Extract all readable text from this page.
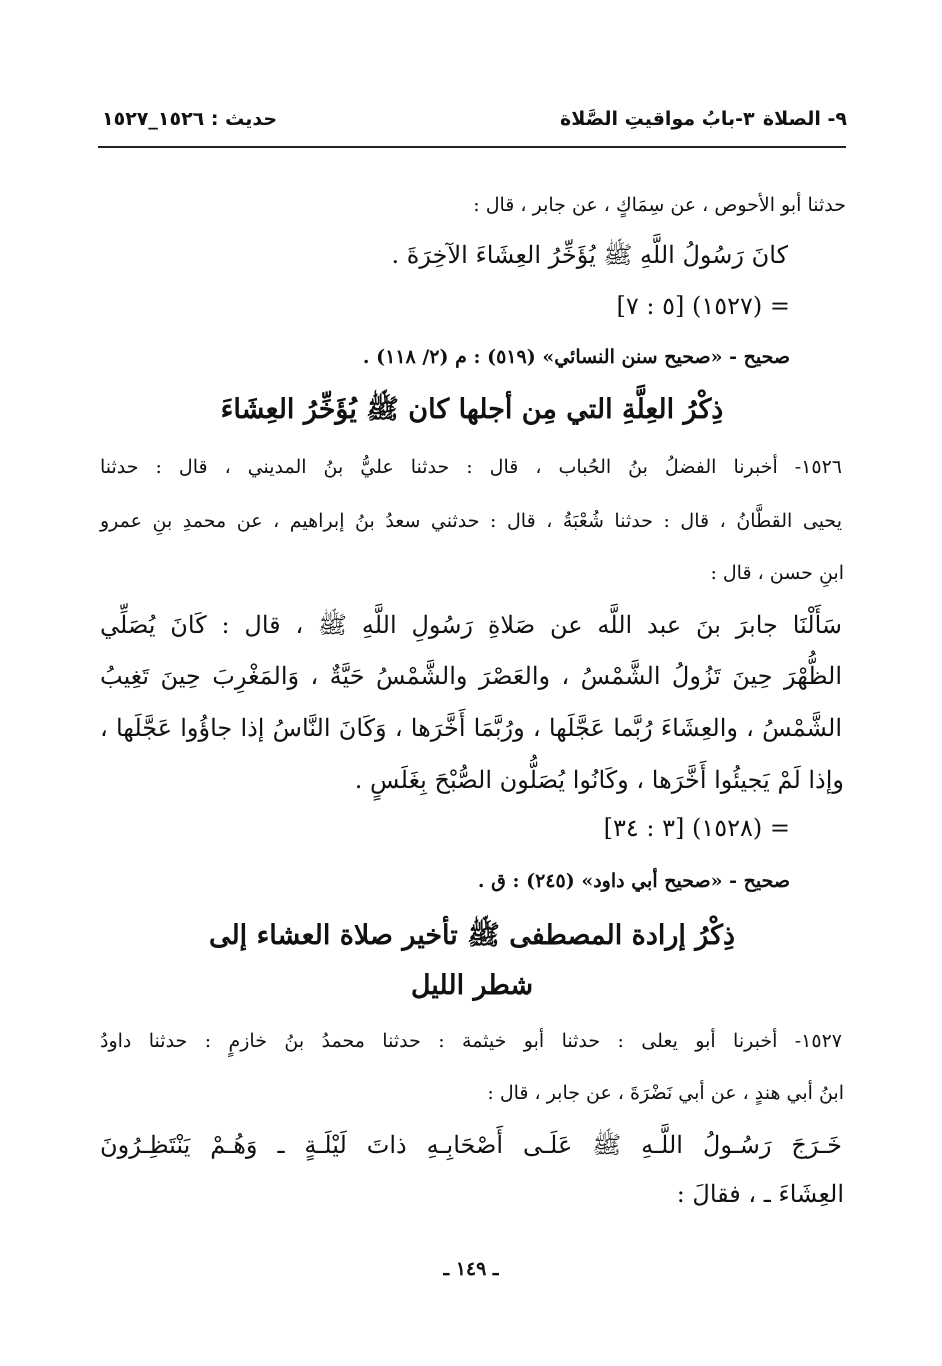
٩- الصلاة
٣-بابُ مواقيتِ الصَّلاة
حديث : ١٥٢٦_١٥٢٧
حدثنا أبو الأحوص ، عن سِمَاكٍ ، عن جابر ، قال :
كانَ رَسُولُ اللَّهِ ﷺ يُؤَخِّرُ العِشَاءَ الآخِرَةَ .
= (١٥٢٧) [٥ : ٧]
صحيح - «صحيح سنن النسائي» (٥١٩) : م (٢/ ١١٨) .
ذِكْرُ العِلَّةِ التي مِن أجلها كان ﷺ يُؤَخِّرُ العِشَاءَ
١٥٢٦- أخبرنا الفضلُ بنُ الحُباب ، قال : حدثنا عليُّ بنُ المديني ، قال : حدثنا
يحيى القطَّانُ ، قال : حدثنا شُعْبَةُ ، قال : حدثني سعدُ بنُ إبراهيم ، عن محمدِ بنِ عمرو
ابنِ حسن ، قال :
سَأَلْنَا جابرَ بنَ عبد اللَّه عن صَلاةِ رَسُولِ اللَّهِ ﷺ ، قال : كَانَ يُصَلِّي
الظُّهْرَ حِينَ تَزُولُ الشَّمْسُ ، والعَصْرَ والشَّمْسُ حَيَّةٌ ، وَالمَغْرِبَ حِينَ تَغِيبُ
الشَّمْسُ ، والعِشَاءَ رُبَّما عَجَّلَها ، ورُبَّمَا أَخَّرَها ، وَكَانَ النَّاسُ إذا جاؤُوا عَجَّلَها ،
وإذا لَمْ يَجيئُوا أَخَّرَها ، وكَانُوا يُصَلُّون الصُّبْحَ بِغَلَسٍ .
= (١٥٢٨) [٣ : ٣٤]
صحيح - «صحيح أبي داود» (٢٤٥) : ق .
ذِكْرُ إرادة المصطفى ﷺ تأخير صلاة العشاء إلى
شطر الليل
١٥٢٧- أخبرنا أبو يعلى : حدثنا أبو خيثمة : حدثنا محمدُ بنُ خازمٍ : حدثنا داودُ
ابنُ أبي هندٍ ، عن أبي نَضْرَةَ ، عن جابر ، قال :
خَـرَجَ رَسُـولُ اللَّـهِ ﷺ عَلَـى أَصْحَابِـهِ ذاتَ لَيْلَـةٍ ـ وَهُـمْ يَنْتَظِـرُونَ
العِشَاءَ ـ ، فقالَ :
ـ ١٤٩ ـ
